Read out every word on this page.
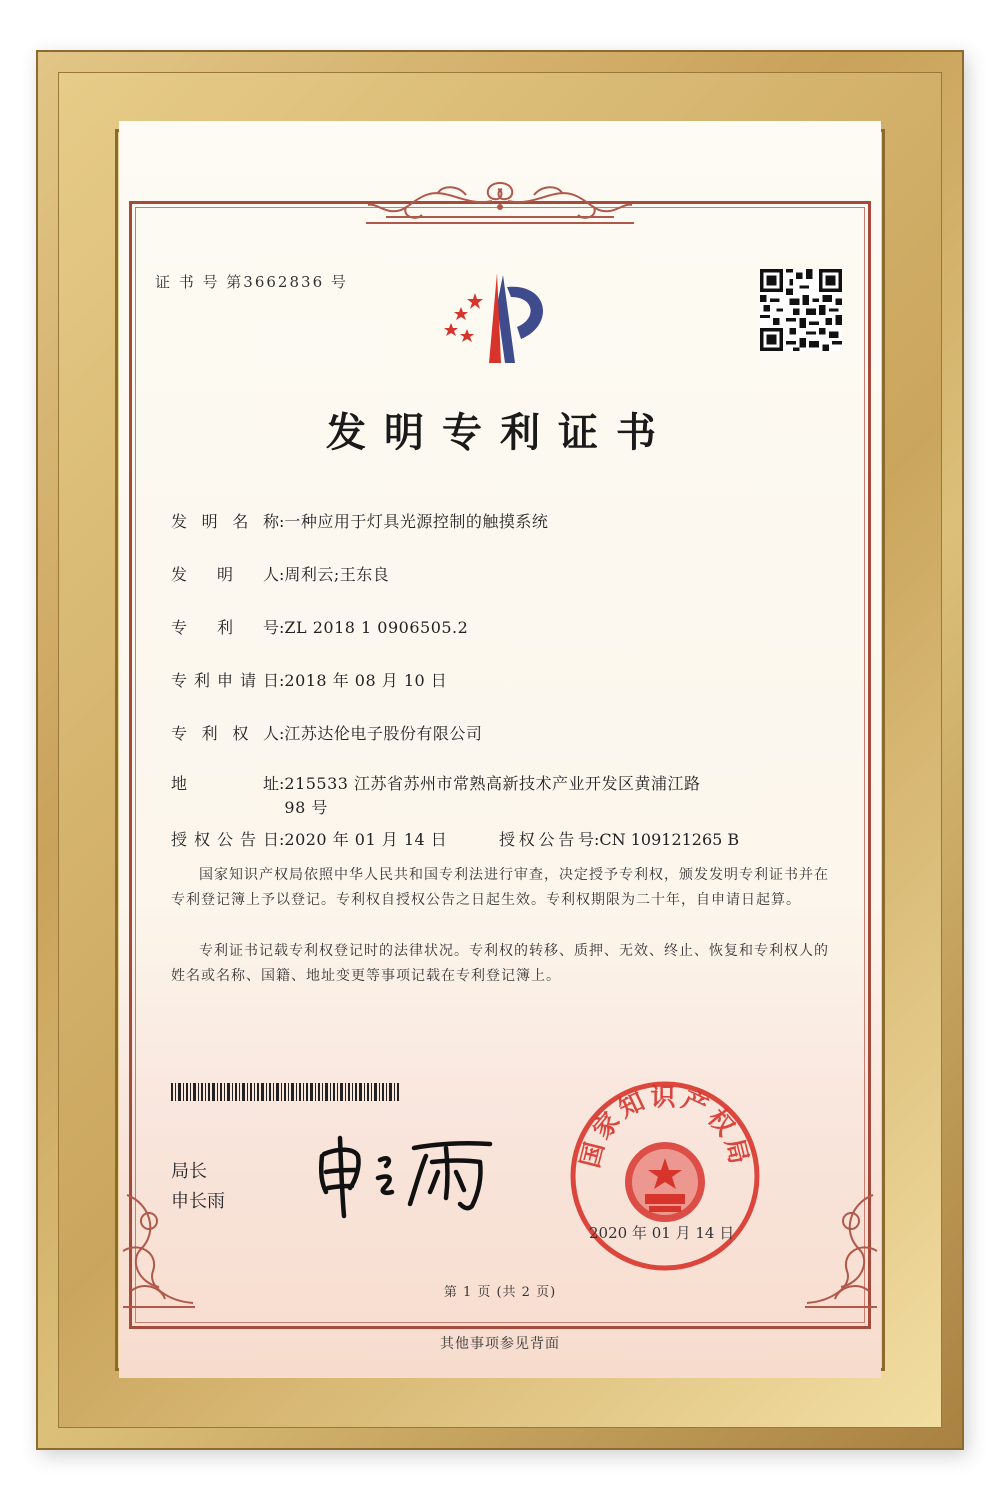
证 书 号 第3662836 号
发明专利证书
发 明 名 称:一种应用于灯具光源控制的触摸系统
发 明 人:周利云;王东良
专 利 号:ZL 2018 1 0906505.2
专利申请日:2018 年 08 月 10 日
专 利 权 人:江苏达伦电子股份有限公司
地 址:215533 江苏省苏州市常熟高新技术产业开发区黄浦江路 98 号
授权公告日:2020 年 01 月 14 日	授权公告号:CN 109121265 B
国家知识产权局依照中华人民共和国专利法进行审查，决定授予专利权，颁发发明专利证书并在专利登记簿上予以登记。专利权自授权公告之日起生效。专利权期限为二十年，自申请日起算。
专利证书记载专利权登记时的法律状况。专利权的转移、质押、无效、终止、恢复和专利权人的姓名或名称、国籍、地址变更等事项记载在专利登记簿上。
局长
申长雨
国家知识产权局
2020 年 01 月 14 日
第 1 页 (共 2 页)
其他事项参见背面
